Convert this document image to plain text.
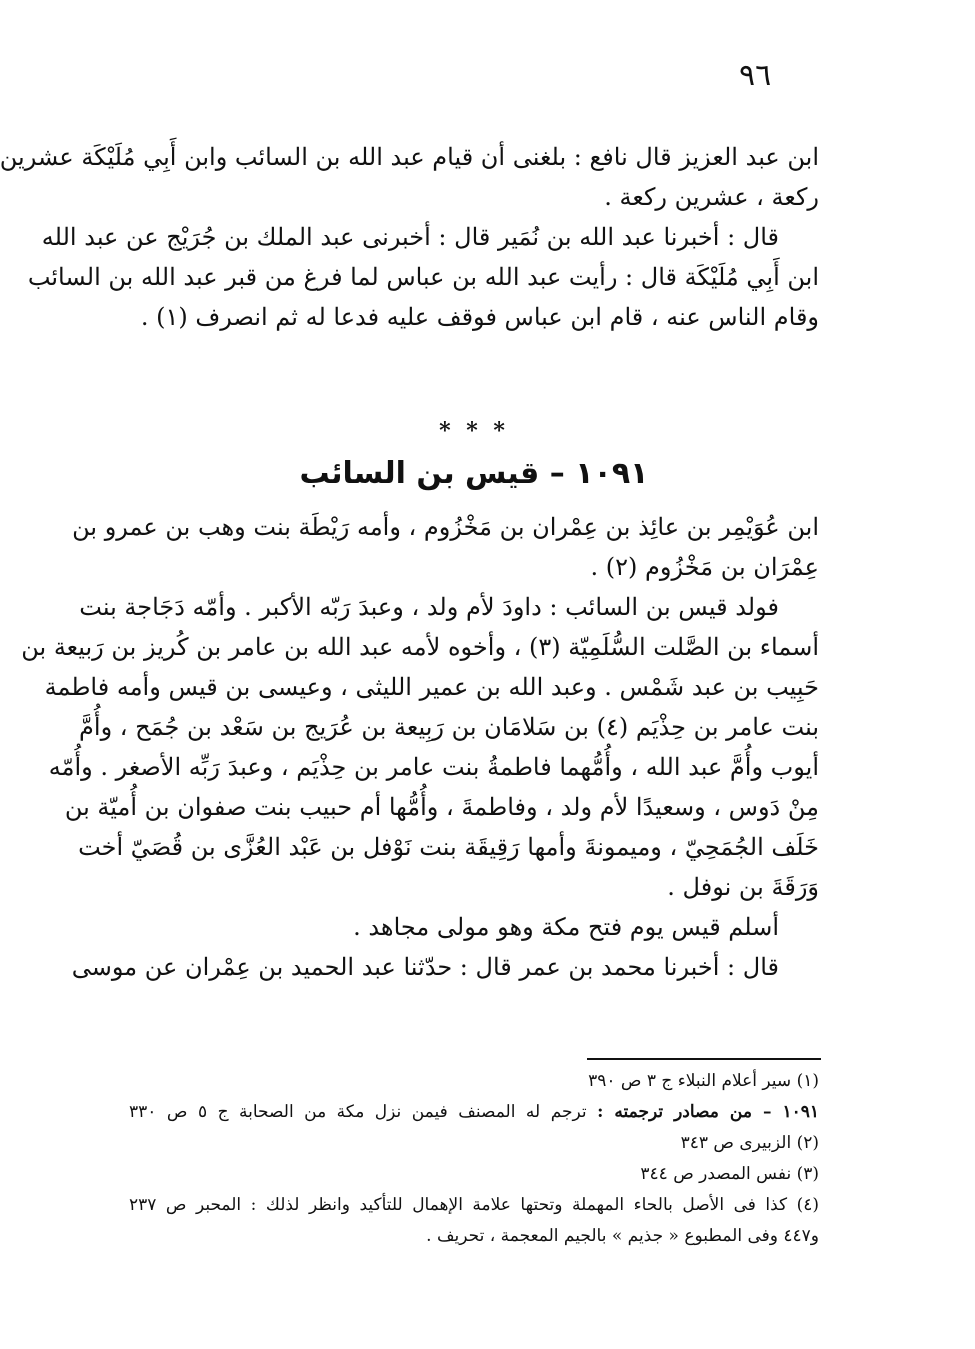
٩٦
ابن عبد العزيز قال نافع : بلغنى أن قيام عبد الله بن السائب وابن أَبِي مُلَيْكَة عشرين
ركعة ، عشرين ركعة .
قال : أخبرنا عبد الله بن نُمَير قال : أخبرنى عبد الملك بن جُرَيْج عن عبد الله
ابن أَبِي مُلَيْكَة قال : رأيت عبد الله بن عباس لما فرغ من قبر عبد الله بن السائب
وقام الناس عنه ، قام ابن عباس فوقف عليه فدعا له ثم انصرف (١) .
* * *
١٠٩١ – قيس بن السائب
ابن عُوَيْمِر بن عائِذ بن عِمْران بن مَخْزُوم ، وأمه رَيْطَة بنت وهب بن عمرو بن
عِمْرَان بن مَخْزُوم (٢) .
فولد قيس بن السائب : داودَ لأم ولد ، وعبدَ رَبّه الأكبر . وأمّه دَجَاجة بنت
أسماء بن الصَّلت السُّلَمِيّة (٣) ، وأخوه لأمه عبد الله بن عامر بن كُريز بن رَبيعة بن
حَبِيب بن عبد شَمْس . وعبد الله بن عمير الليثى ، وعيسى بن قيس وأمه فاطمة
بنت عامر بن حِذْيَم (٤) بن سَلامَان بن رَبِيعة بن عُرَيج بن سَعْد بن جُمَح ، وأُمَّ
أيوب وأُمَّ عبد الله ، وأُمُّهما فاطمةُ بنت عامر بن حِذْيَم ، وعبدَ رَبِّه الأصغر . وأُمّه
مِنْ دَوس ، وسعيدًا لأم ولد ، وفاطمةَ ، وأُمُّها أم حبيب بنت صفوان بن أُميّة بن
خَلَف الجُمَحِيّ ، وميمونةَ وأمها رَقِيقَة بنت نَوْفل بن عَبْد العُزَّى بن قُصَيّ أخت
وَرَقَةَ بن نوفل .
أسلم قيس يوم فتح مكة وهو مولى مجاهد .
قال : أخبرنا محمد بن عمر قال : حدّثنا عبد الحميد بن عِمْران عن موسى
(١) سير أعلام النبلاء ج ٣ ص ٣٩٠
١٠٩١ – من مصادر ترجمته : ترجم له المصنف فيمن نزل مكة من الصحابة ج ٥ ص ٣٣٠
(٢) الزبيرى ص ٣٤٣
(٣) نفس المصدر ص ٣٤٤
(٤) كذا فى الأصل بالحاء المهملة وتحتها علامة الإهمال للتأكيد وانظر لذلك : المحبر ص ٢٣٧
و٤٤٧ وفى المطبوع « جذيم » بالجيم المعجمة ، تحريف .
